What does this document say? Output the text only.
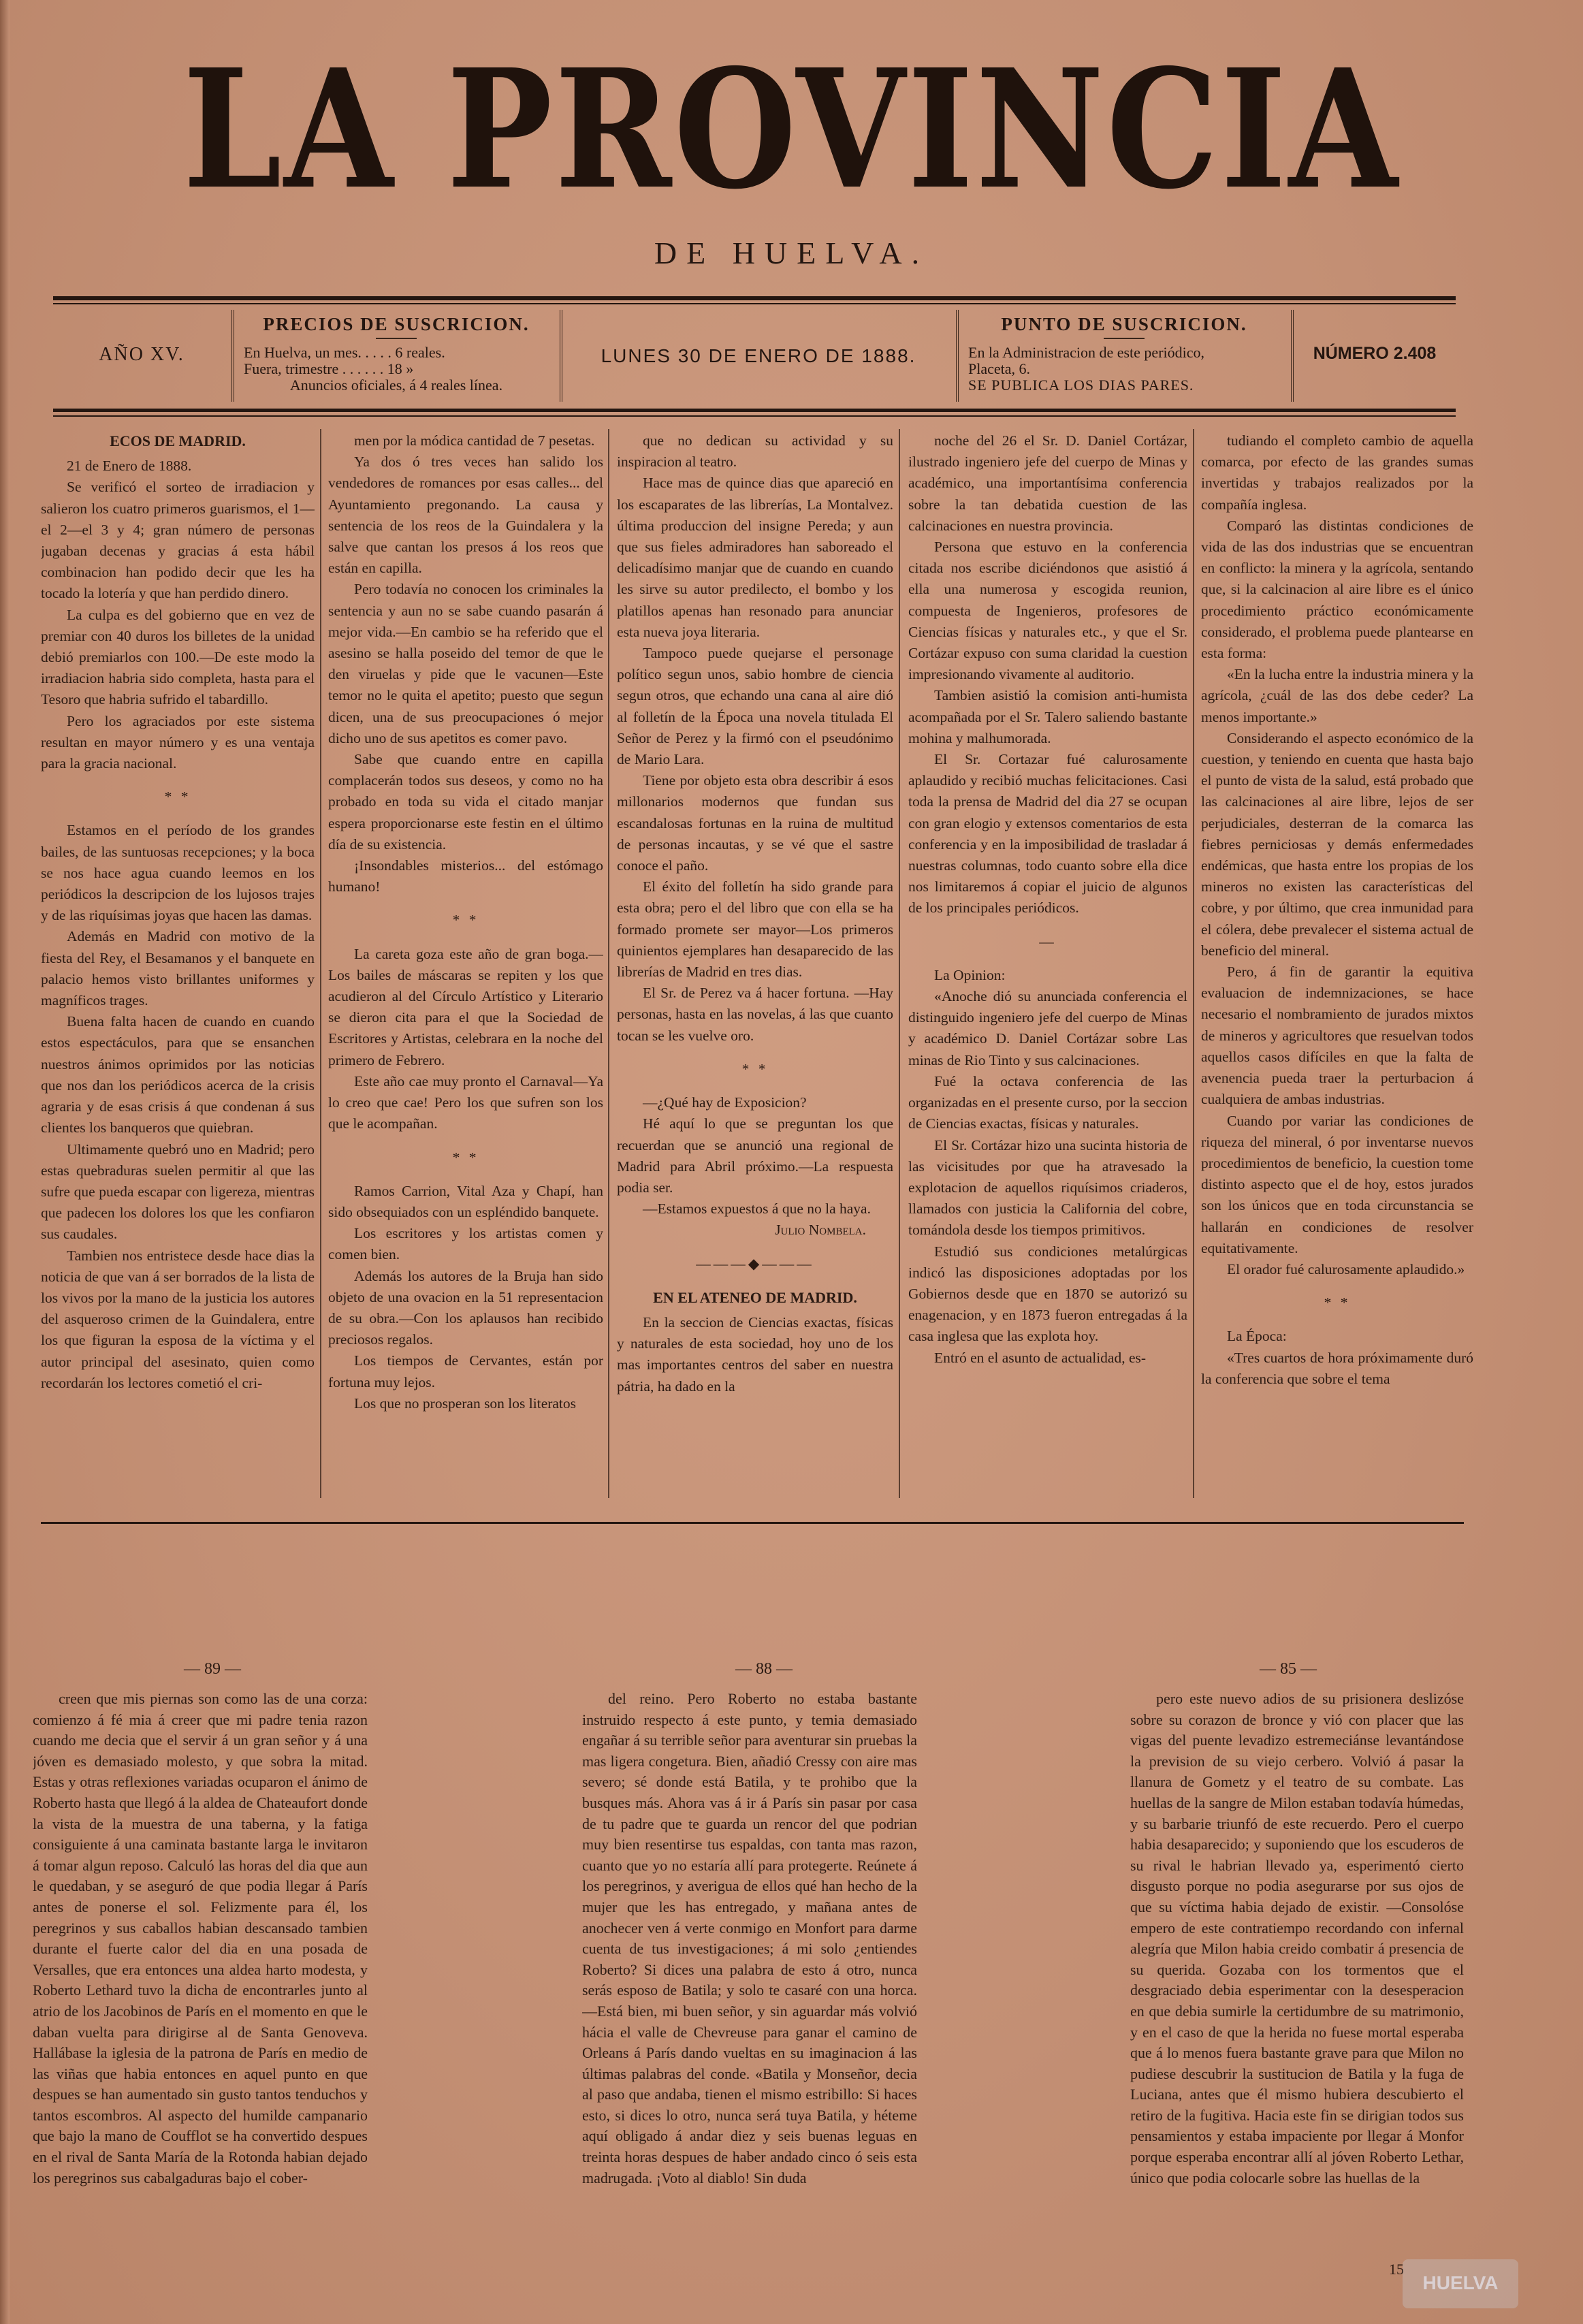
LA PROVINCIA
DE HUELVA.
AÑO XV.
PRECIOS DE SUSCRICION.
En Huelva, un mes. . . . . 6 reales.
Fuera, trimestre . . . . . . 18 »
Anuncios oficiales, á 4 reales línea.
LUNES 30 DE ENERO DE 1888.
PUNTO DE SUSCRICION.
En la Administracion de este periódico,
Placeta, 6.
SE PUBLICA LOS DIAS PARES.
NÚMERO 2.408

ECOS DE MADRID.

21 de Enero de 1888.

Se verificó el sorteo de irradiacion y salieron los cuatro primeros guarismos, el 1—el 2—el 3 y 4; gran número de personas jugaban decenas y gracias á esta hábil combinacion han podido decir que les ha tocado la lotería y que han perdido dinero.

La culpa es del gobierno que en vez de premiar con 40 duros los billetes de la unidad debió premiarlos con 100.—De este modo la irradiacion habria sido completa, hasta para el Tesoro que habria sufrido el tabardillo.

Pero los agraciados por este sistema resultan en mayor número y es una ventaja para la gracia nacional.

* *

Estamos en el período de los grandes bailes, de las suntuosas recepciones; y la boca se nos hace agua cuando leemos en los periódicos la descripcion de los lujosos trajes y de las riquísimas joyas que hacen las damas.

Además en Madrid con motivo de la fiesta del Rey, el Besamanos y el banquete en palacio hemos visto brillantes uniformes y magníficos trages.

Buena falta hacen de cuando en cuando estos espectáculos, para que se ensanchen nuestros ánimos oprimidos por las noticias que nos dan los periódicos acerca de la crisis agraria y de esas crisis á que condenan á sus clientes los banqueros que quiebran.

Ultimamente quebró uno en Madrid; pero estas quebraduras suelen permitir al que las sufre que pueda escapar con ligereza, mientras que padecen los dolores los que les confiaron sus caudales.

Tambien nos entristece desde hace dias la noticia de que van á ser borrados de la lista de los vivos por la mano de la justicia los autores del asqueroso crimen de la Guindalera, entre los que figuran la esposa de la víctima y el autor principal del asesinato, quien como recordarán los lectores cometió el cri-

men por la módica cantidad de 7 pesetas.

Ya dos ó tres veces han salido los vendedores de romances por esas calles... del Ayuntamiento pregonando. La causa y sentencia de los reos de la Guindalera y la salve que cantan los presos á los reos que están en capilla.

Pero todavía no conocen los criminales la sentencia y aun no se sabe cuando pasarán á mejor vida.—En cambio se ha referido que el asesino se halla poseido del temor de que le den viruelas y pide que le vacunen—Este temor no le quita el apetito; puesto que segun dicen, una de sus preocupaciones ó mejor dicho uno de sus apetitos es comer pavo.

Sabe que cuando entre en capilla complacerán todos sus deseos, y como no ha probado en toda su vida el citado manjar espera proporcionarse este festin en el último día de su existencia.

¡Insondables misterios... del estómago humano!

* *

La careta goza este año de gran boga.—Los bailes de máscaras se repiten y los que acudieron al del Círculo Artístico y Literario se dieron cita para el que la Sociedad de Escritores y Artistas, celebrara en la noche del primero de Febrero.

Este año cae muy pronto el Carnaval—Ya lo creo que cae! Pero los que sufren son los que le acompañan.

* *

Ramos Carrion, Vital Aza y Chapí, han sido obsequiados con un espléndido banquete.

Los escritores y los artistas comen y comen bien.

Además los autores de la Bruja han sido objeto de una ovacion en la 51 representacion de su obra.—Con los aplausos han recibido preciosos regalos.

Los tiempos de Cervantes, están por fortuna muy lejos.

Los que no prosperan son los literatos

que no dedican su actividad y su inspiracion al teatro.

Hace mas de quince dias que apareció en los escaparates de las librerías, La Montalvez. última produccion del insigne Pereda; y aun que sus fieles admiradores han saboreado el delicadísimo manjar que de cuando en cuando les sirve su autor predilecto, el bombo y los platillos apenas han resonado para anunciar esta nueva joya literaria.

Tampoco puede quejarse el personage político segun unos, sabio hombre de ciencia segun otros, que echando una cana al aire dió al folletín de la Época una novela titulada El Señor de Perez y la firmó con el pseudónimo de Mario Lara.

Tiene por objeto esta obra describir á esos millonarios modernos que fundan sus escandalosas fortunas en la ruina de multitud de personas incautas, y se vé que el sastre conoce el paño.

El éxito del folletín ha sido grande para esta obra; pero el del libro que con ella se ha formado promete ser mayor—Los primeros quinientos ejemplares han desaparecido de las librerías de Madrid en tres dias.

El Sr. de Perez va á hacer fortuna. —Hay personas, hasta en las novelas, á las que cuanto tocan se les vuelve oro.

* *

—¿Qué hay de Exposicion?

Hé aquí lo que se preguntan los que recuerdan que se anunció una regional de Madrid para Abril próximo.—La respuesta podia ser.

—Estamos expuestos á que no la haya.

Julio Nombela.

———◆———

EN EL ATENEO DE MADRID.

En la seccion de Ciencias exactas, físicas y naturales de esta sociedad, hoy uno de los mas importantes centros del saber en nuestra pátria, ha dado en la

noche del 26 el Sr. D. Daniel Cortázar, ilustrado ingeniero jefe del cuerpo de Minas y académico, una importantísima conferencia sobre la tan debatida cuestion de las calcinaciones en nuestra provincia.

Persona que estuvo en la conferencia citada nos escribe diciéndonos que asistió á ella una numerosa y escogida reunion, compuesta de Ingenieros, profesores de Ciencias físicas y naturales etc., y que el Sr. Cortázar expuso con suma claridad la cuestion impresionando vivamente al auditorio.

Tambien asistió la comision anti-humista acompañada por el Sr. Talero saliendo bastante mohina y malhumorada.

El Sr. Cortazar fué calurosamente aplaudido y recibió muchas felicitaciones. Casi toda la prensa de Madrid del dia 27 se ocupan con gran elogio y extensos comentarios de esta conferencia y en la imposibilidad de trasladar á nuestras columnas, todo cuanto sobre ella dice nos limitaremos á copiar el juicio de algunos de los principales periódicos.

—

La Opinion:

«Anoche dió su anunciada conferencia el distinguido ingeniero jefe del cuerpo de Minas y académico D. Daniel Cortázar sobre Las minas de Rio Tinto y sus calcinaciones.

Fué la octava conferencia de las organizadas en el presente curso, por la seccion de Ciencias exactas, físicas y naturales.

El Sr. Cortázar hizo una sucinta historia de las vicisitudes por que ha atravesado la explotacion de aquellos riquísimos criaderos, llamados con justicia la California del cobre, tomándola desde los tiempos primitivos.

Estudió sus condiciones metalúrgicas indicó las disposiciones adoptadas por los Gobiernos desde que en 1870 se autorizó su enagenacion, y en 1873 fueron entregadas á la casa inglesa que las explota hoy.

Entró en el asunto de actualidad, es-

tudiando el completo cambio de aquella comarca, por efecto de las grandes sumas invertidas y trabajos realizados por la compañía inglesa.

Comparó las distintas condiciones de vida de las dos industrias que se encuentran en conflicto: la minera y la agrícola, sentando que, si la calcinacion al aire libre es el único procedimiento práctico económicamente considerado, el problema puede plantearse en esta forma:

«En la lucha entre la industria minera y la agrícola, ¿cuál de las dos debe ceder? La menos importante.»

Considerando el aspecto económico de la cuestion, y teniendo en cuenta que hasta bajo el punto de vista de la salud, está probado que las calcinaciones al aire libre, lejos de ser perjudiciales, desterran de la comarca las fiebres perniciosas y demás enfermedades endémicas, que hasta entre los propias de los mineros no existen las características del cobre, y por último, que crea inmunidad para el cólera, debe prevalecer el sistema actual de beneficio del mineral.

Pero, á fin de garantir la equitiva evaluacion de indemnizaciones, se hace necesario el nombramiento de jurados mixtos de mineros y agricultores que resuelvan todos aquellos casos difíciles en que la falta de avenencia pueda traer la perturbacion á cualquiera de ambas industrias.

Cuando por variar las condiciones de riqueza del mineral, ó por inventarse nuevos procedimientos de beneficio, la cuestion tome distinto aspecto que el de hoy, estos jurados son los únicos que en toda circunstancia se hallarán en condiciones de resolver equitativamente.

El orador fué calurosamente aplaudido.»

* *

La Época:

«Tres cuartos de hora próximamente duró la conferencia que sobre el tema

— 89 —	— 88 —	— 85 —

creen que mis piernas son como las de una corza: comienzo á fé mia á creer que mi padre tenia razon cuando me decia que el servir á un gran señor y á una jóven es demasiado molesto, y que sobra la mitad. Estas y otras reflexiones variadas ocuparon el ánimo de Roberto hasta que llegó á la aldea de Chateaufort donde la vista de la muestra de una taberna, y la fatiga consiguiente á una caminata bastante larga le invitaron á tomar algun reposo. Calculó las horas del dia que aun le quedaban, y se aseguró de que podia llegar á París antes de ponerse el sol. Felizmente para él, los peregrinos y sus caballos habian descansado tambien durante el fuerte calor del dia en una posada de Versalles, que era entonces una aldea harto modesta, y Roberto Lethard tuvo la dicha de encontrarles junto al atrio de los Jacobinos de París en el momento en que le daban vuelta para dirigirse al de Santa Genoveva. Hallábase la iglesia de la patrona de París en medio de las viñas que habia entonces en aquel punto en que despues se han aumentado sin gusto tantos tenduchos y tantos escombros. Al aspecto del humilde campanario que bajo la mano de Coufflot se ha convertido despues en el rival de Santa María de la Rotonda habian dejado los peregrinos sus cabalgaduras bajo el cober-

del reino. Pero Roberto no estaba bastante instruido respecto á este punto, y temia demasiado engañar á su terrible señor para aventurar sin pruebas la mas ligera congetura. Bien, añadió Cressy con aire mas severo; sé donde está Batila, y te prohibo que la busques más. Ahora vas á ir á París sin pasar por casa de tu padre que te guarda un rencor del que podrian muy bien resentirse tus espaldas, con tanta mas razon, cuanto que yo no estaría allí para protegerte. Reúnete á los peregrinos, y averigua de ellos qué han hecho de la mujer que les has entregado, y mañana antes de anochecer ven á verte conmigo en Monfort para darme cuenta de tus investigaciones; á mi solo ¿entiendes Roberto? Si dices una palabra de esto á otro, nunca serás esposo de Batila; y solo te casaré con una horca. —Está bien, mi buen señor, y sin aguardar más volvió hácia el valle de Chevreuse para ganar el camino de Orleans á París dando vueltas en su imaginacion á las últimas palabras del conde. «Batila y Monseñor, decia al paso que andaba, tienen el mismo estribillo: Si haces esto, si dices lo otro, nunca será tuya Batila, y héteme aquí obligado á andar diez y seis buenas leguas en treinta horas despues de haber andado cinco ó seis esta madrugada. ¡Voto al diablo! Sin duda

pero este nuevo adios de su prisionera deslizóse sobre su corazon de bronce y vió con placer que las vigas del puente levadizo estremeciánse levantándose la prevision de su viejo cerbero. Volvió á pasar la llanura de Gometz y el teatro de su combate. Las huellas de la sangre de Milon estaban todavía húmedas, y su barbarie triunfó de este recuerdo. Pero el cuerpo habia desaparecido; y suponiendo que los escuderos de su rival le habrian llevado ya, esperimentó cierto disgusto porque no podia asegurarse por sus ojos de que su víctima habia dejado de existir. —Consolóse empero de este contratiempo recordando con infernal alegría que Milon habia creido combatir á presencia de su querida. Gozaba con los tormentos que el desgraciado debia esperimentar con la desesperacion en que debia sumirle la certidumbre de su matrimonio, y en el caso de que la herida no fuese mortal esperaba que á lo menos fuera bastante grave para que Milon no pudiese descubrir la sustitucion de Batila y la fuga de Luciana, antes que él mismo hubiera descubierto el retiro de la fugitiva. Hacia este fin se dirigian todos sus pensamientos y estaba impaciente por llegar á Monfor porque esperaba encontrar allí al jóven Roberto Lethar, único que podia colocarle sobre las huellas de la

15
HUELVA
